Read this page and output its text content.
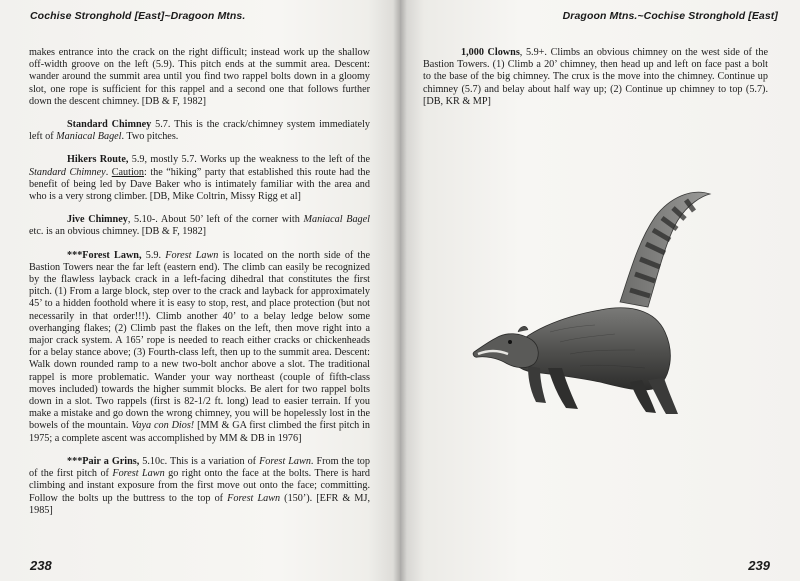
Cochise Stronghold [East]~Dragoon Mtns.

makes entrance into the crack on the right difficult; instead work up the shallow off-width groove on the left (5.9). This pitch ends at the summit area. Descent: wander around the summit area until you find two rappel bolts down in a gloomy slot, one rope is sufficient for this rappel and a second one that follows further down the descent chimney. [DB & F, 1982]

Standard Chimney 5.7. This is the crack/chimney system immediately left of Maniacal Bagel. Two pitches.

Hikers Route, 5.9, mostly 5.7. Works up the weakness to the left of the Standard Chimney. Caution: the “hiking” party that established this route had the benefit of being led by Dave Baker who is intimately familiar with the area and who is a very strong climber. [DB, Mike Coltrin, Missy Rigg et al]

Jive Chimney, 5.10-. About 50’ left of the corner with Maniacal Bagel etc. is an obvious chimney. [DB & F, 1982]

***Forest Lawn, 5.9. Forest Lawn is located on the north side of the Bastion Towers near the far left (eastern end). The climb can easily be recognized by the flawless layback crack in a left-facing dihedral that constitutes the first pitch. (1) From a large block, step over to the crack and layback for approximately 45’ to a hidden foothold where it is easy to stop, rest, and place protection (but not necessarily in that order!!!). Climb another 40’ to a belay ledge below some overhanging flakes; (2) Climb past the flakes on the left, then move right into a major crack system. A 165’ rope is needed to reach either cracks or chickenheads for a belay stance above; (3) Fourth-class left, then up to the summit area. Descent: Walk down rounded ramp to a new two-bolt anchor above a slot. The traditional rappel is more problematic. Wander your way northeast (couple of fifth-class moves included) towards the higher summit blocks. Be alert for two rappel bolts down in a slot. Two rappels (first is 82-1/2 ft. long) lead to easier terrain. If you make a mistake and go down the wrong chimney, you will be hopelessly lost in the bowels of the mountain. Vaya con Dios! [MM & GA first climbed the first pitch in 1975; a complete ascent was accomplished by MM & DB in 1976]

***Pair a Grins, 5.10c. This is a variation of Forest Lawn. From the top of the first pitch of Forest Lawn go right onto the face at the bolts. There is hard climbing and instant exposure from the first move out onto the face; committing. Follow the bolts up the buttress to the top of Forest Lawn (150’). [EFR & MJ, 1985]

238
Dragoon Mtns.~Cochise Stronghold [East]

1,000 Clowns, 5.9+. Climbs an obvious chimney on the west side of the Bastion Towers. (1) Climb a 20’ chimney, then head up and left on face past a bolt to the base of the big chimney. The crux is the move into the chimney. Continue up chimney (5.7) and belay about half way up; (2) Continue up chimney to top (5.7). [DB, KR & MP]

239
